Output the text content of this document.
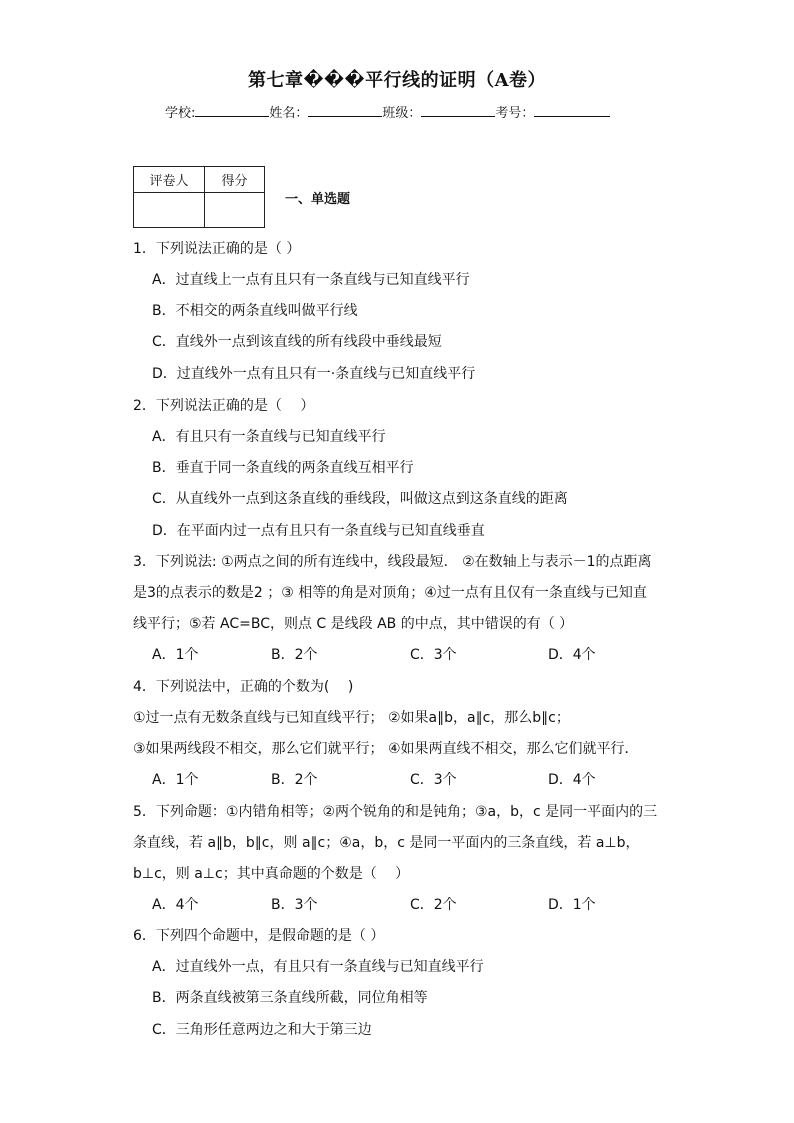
第七章���平行线的证明（A卷）
学校:	姓名：	班级：	考号：
评卷人	得分

一、单选题
1．下列说法正确的是（ ）
A．过直线上一点有且只有一条直线与已知直线平行
B．不相交的两条直线叫做平行线
C．直线外一点到该直线的所有线段中垂线最短
D．过直线外一点有且只有一·条直线与已知直线平行
2．下列说法正确的是（　 ）
A．有且只有一条直线与已知直线平行
B．垂直于同一条直线的两条直线互相平行
C．从直线外一点到这条直线的垂线段，叫做这点到这条直线的距离
D．在平面内过一点有且只有一条直线与已知直线垂直
3．下列说法: ①两点之间的所有连线中，线段最短． ②在数轴上与表示－1的点距离
是3的点表示的数是2 ；③ 相等的角是对顶角；④过一点有且仅有一条直线与已知直
线平行；⑤若 AC=BC，则点 C 是线段 AB 的中点，其中错误的有（ ）
A．1个	B．2个	C．3个	D．4个
4．下列说法中，正确的个数为(　 )
①过一点有无数条直线与已知直线平行； ②如果a∥b，a∥c，那么b∥c；
③如果两线段不相交，那么它们就平行； ④如果两直线不相交，那么它们就平行．
A．1个	B．2个	C．3个	D．4个
5．下列命题：①内错角相等；②两个锐角的和是钝角；③a，b，c 是同一平面内的三
条直线，若 a∥b，b∥c，则 a∥c；④a，b，c 是同一平面内的三条直线，若 a⊥b，
b⊥c，则 a⊥c；其中真命题的个数是（　 ）
A．4个	B．3个	C．2个	D．1个
6．下列四个命题中，是假命题的是（ ）
A．过直线外一点，有且只有一条直线与已知直线平行
B．两条直线被第三条直线所截，同位角相等
C．三角形任意两边之和大于第三边
